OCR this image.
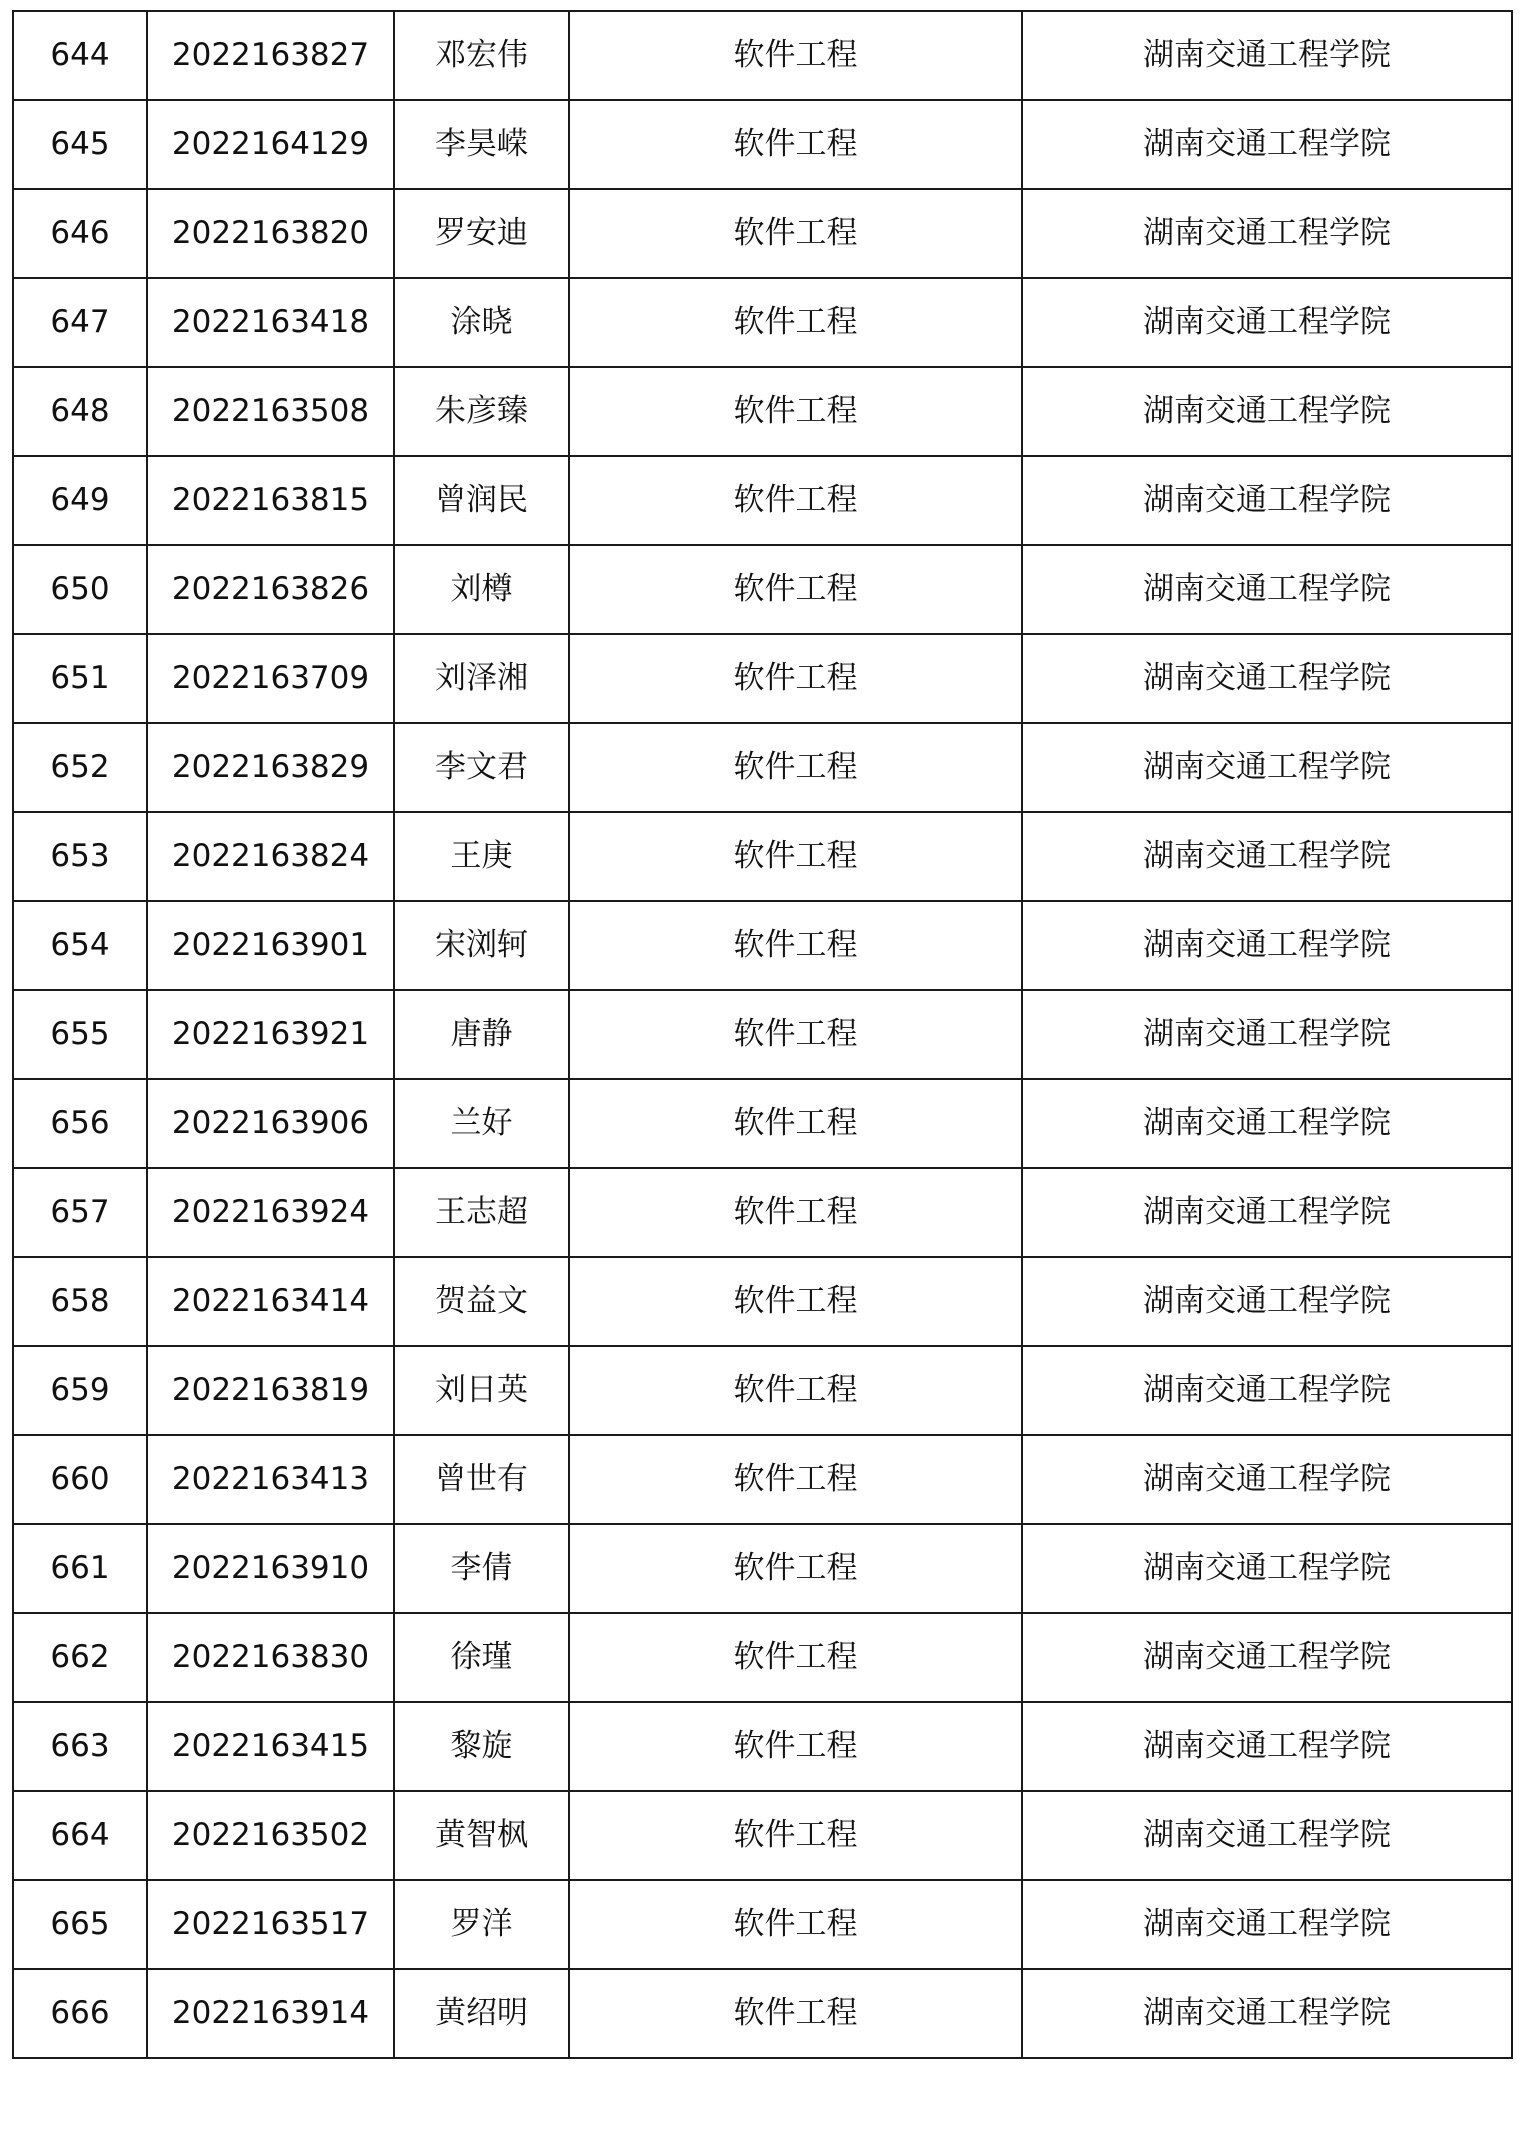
644	2022163827	邓宏伟	软件工程	湖南交通工程学院
645	2022164129	李昊嵘	软件工程	湖南交通工程学院
646	2022163820	罗安迪	软件工程	湖南交通工程学院
647	2022163418	涂晓	软件工程	湖南交通工程学院
648	2022163508	朱彦臻	软件工程	湖南交通工程学院
649	2022163815	曾润民	软件工程	湖南交通工程学院
650	2022163826	刘樽	软件工程	湖南交通工程学院
651	2022163709	刘泽湘	软件工程	湖南交通工程学院
652	2022163829	李文君	软件工程	湖南交通工程学院
653	2022163824	王庚	软件工程	湖南交通工程学院
654	2022163901	宋浏轲	软件工程	湖南交通工程学院
655	2022163921	唐静	软件工程	湖南交通工程学院
656	2022163906	兰好	软件工程	湖南交通工程学院
657	2022163924	王志超	软件工程	湖南交通工程学院
658	2022163414	贺益文	软件工程	湖南交通工程学院
659	2022163819	刘日英	软件工程	湖南交通工程学院
660	2022163413	曾世有	软件工程	湖南交通工程学院
661	2022163910	李倩	软件工程	湖南交通工程学院
662	2022163830	徐瑾	软件工程	湖南交通工程学院
663	2022163415	黎旋	软件工程	湖南交通工程学院
664	2022163502	黄智枫	软件工程	湖南交通工程学院
665	2022163517	罗洋	软件工程	湖南交通工程学院
666	2022163914	黄绍明	软件工程	湖南交通工程学院
